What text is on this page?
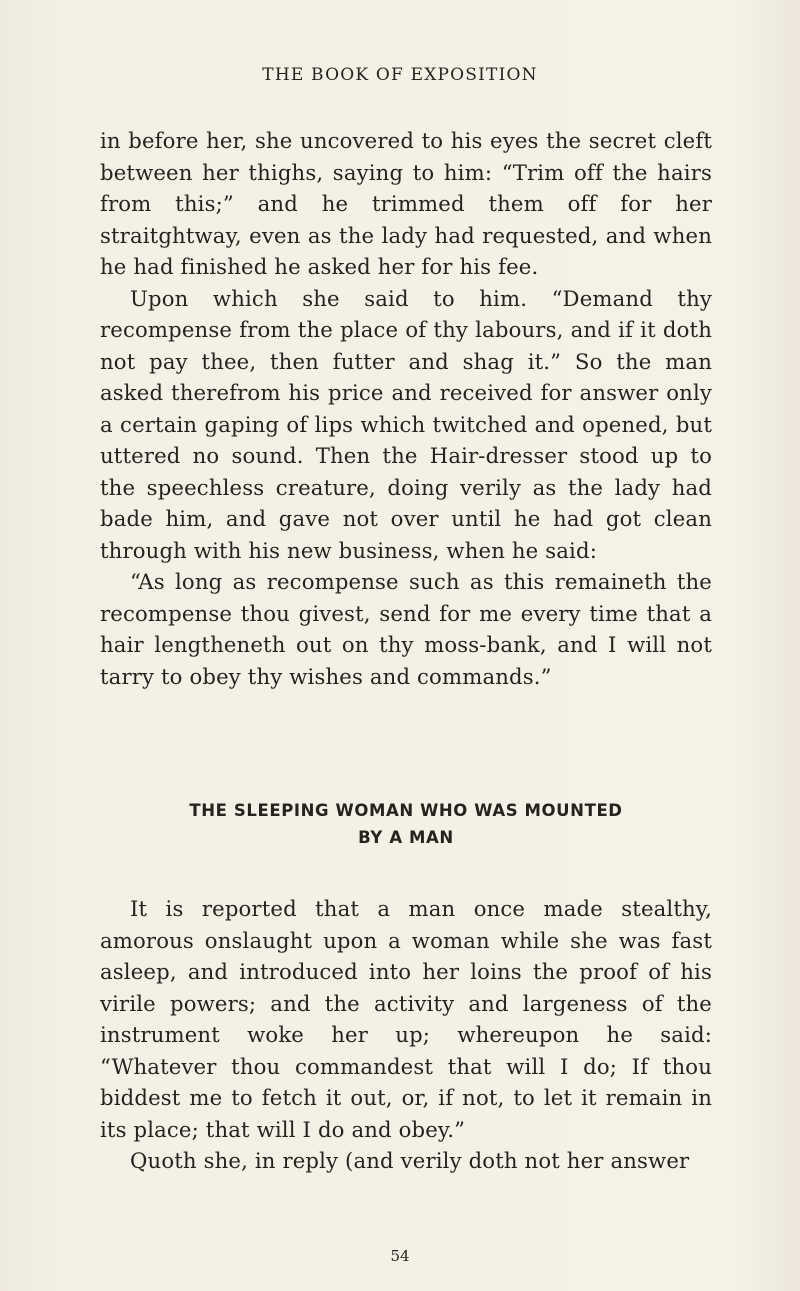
THE BOOK OF EXPOSITION

in before her, she uncovered to his eyes the secret cleft between her thighs, saying to him: “Trim off the hairs from this;” and he trimmed them off for her straitghtway, even as the lady had requested, and when he had finished he asked her for his fee.

Upon which she said to him. “Demand thy recompense from the place of thy labours, and if it doth not pay thee, then futter and shag it.” So the man asked therefrom his price and received for answer only a certain gaping of lips which twitched and opened, but uttered no sound. Then the Hair-dresser stood up to the speechless creature, doing verily as the lady had bade him, and gave not over until he had got clean through with his new business, when he said:

“As long as recompense such as this remaineth the recompense thou givest, send for me every time that a hair lengtheneth out on thy moss-bank, and I will not tarry to obey thy wishes and commands.”

THE SLEEPING WOMAN WHO WAS MOUNTED
BY A MAN

It is reported that a man once made stealthy, amorous onslaught upon a woman while she was fast asleep, and introduced into her loins the proof of his virile powers; and the activity and largeness of the instrument woke her up; whereupon he said: “Whatever thou commandest that will I do; If thou biddest me to fetch it out, or, if not, to let it remain in its place; that will I do and obey.”

Quoth she, in reply (and verily doth not her answer

54
